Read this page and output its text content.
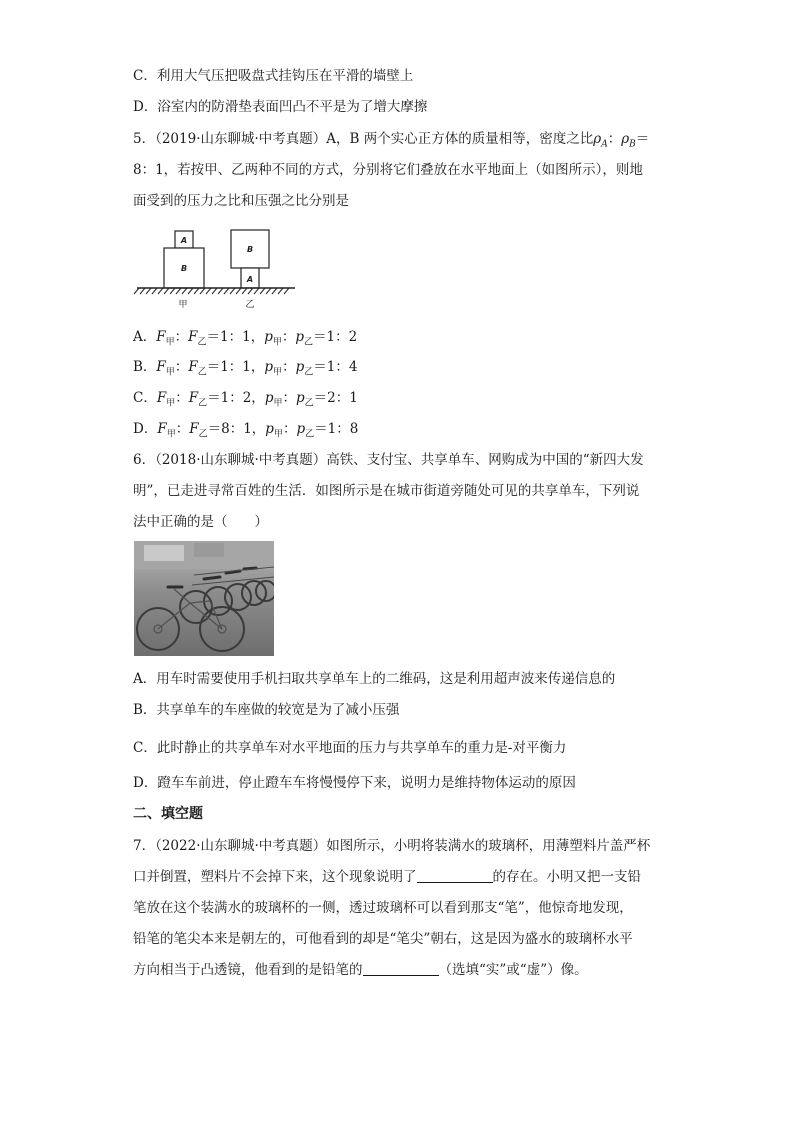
C．利用大气压把吸盘式挂钩压在平滑的墙壁上
D．浴室内的防滑垫表面凹凸不平是为了增大摩擦
5．（2019·山东聊城·中考真题）A，B 两个实心正方体的质量相等，密度之比$\rho_A$：$\rho_B=$
8：1，若按甲、乙两种不同的方式，分别将它们叠放在水平地面上（如图所示），则地
面受到的压力之比和压强之比分别是
A
B
B
A
甲	乙
A．$F_甲$：$F_乙=1$：1，$p_甲$：$p_乙=1$：2
B．$F_甲$：$F_乙=1$：1，$p_甲$：$p_乙=1$：4
C．$F_甲$：$F_乙=1$：2，$p_甲$：$p_乙=2$：1
D．$F_甲$：$F_乙=8$：1，$p_甲$：$p_乙=1$：8
6．（2018·山东聊城·中考真题）高铁、支付宝、共享单车、网购成为中国的“新四大发
明”，已走进寻常百姓的生活．如图所示是在城市街道旁随处可见的共享单车，下列说
法中正确的是（　　）
A．用车时需要使用手机扫取共享单车上的二维码，这是利用超声波来传递信息的
B．共享单车的车座做的较宽是为了减小压强
C．此时静止的共享单车对水平地面的压力与共享单车的重力是-对平衡力
D．蹬车车前进，停止蹬车车将慢慢停下来，说明力是维持物体运动的原因
二、填空题
7．（2022·山东聊城·中考真题）如图所示，小明将装满水的玻璃杯，用薄塑料片盖严杯
口并倒置，塑料片不会掉下来，这个现象说明了	的存在。小明又把一支铅
笔放在这个装满水的玻璃杯的一侧，透过玻璃杯可以看到那支“笔”，他惊奇地发现，
铅笔的笔尖本来是朝左的，可他看到的却是“笔尖”朝右，这是因为盛水的玻璃杯水平
方向相当于凸透镜，他看到的是铅笔的	（选填“实”或“虚”）像。
